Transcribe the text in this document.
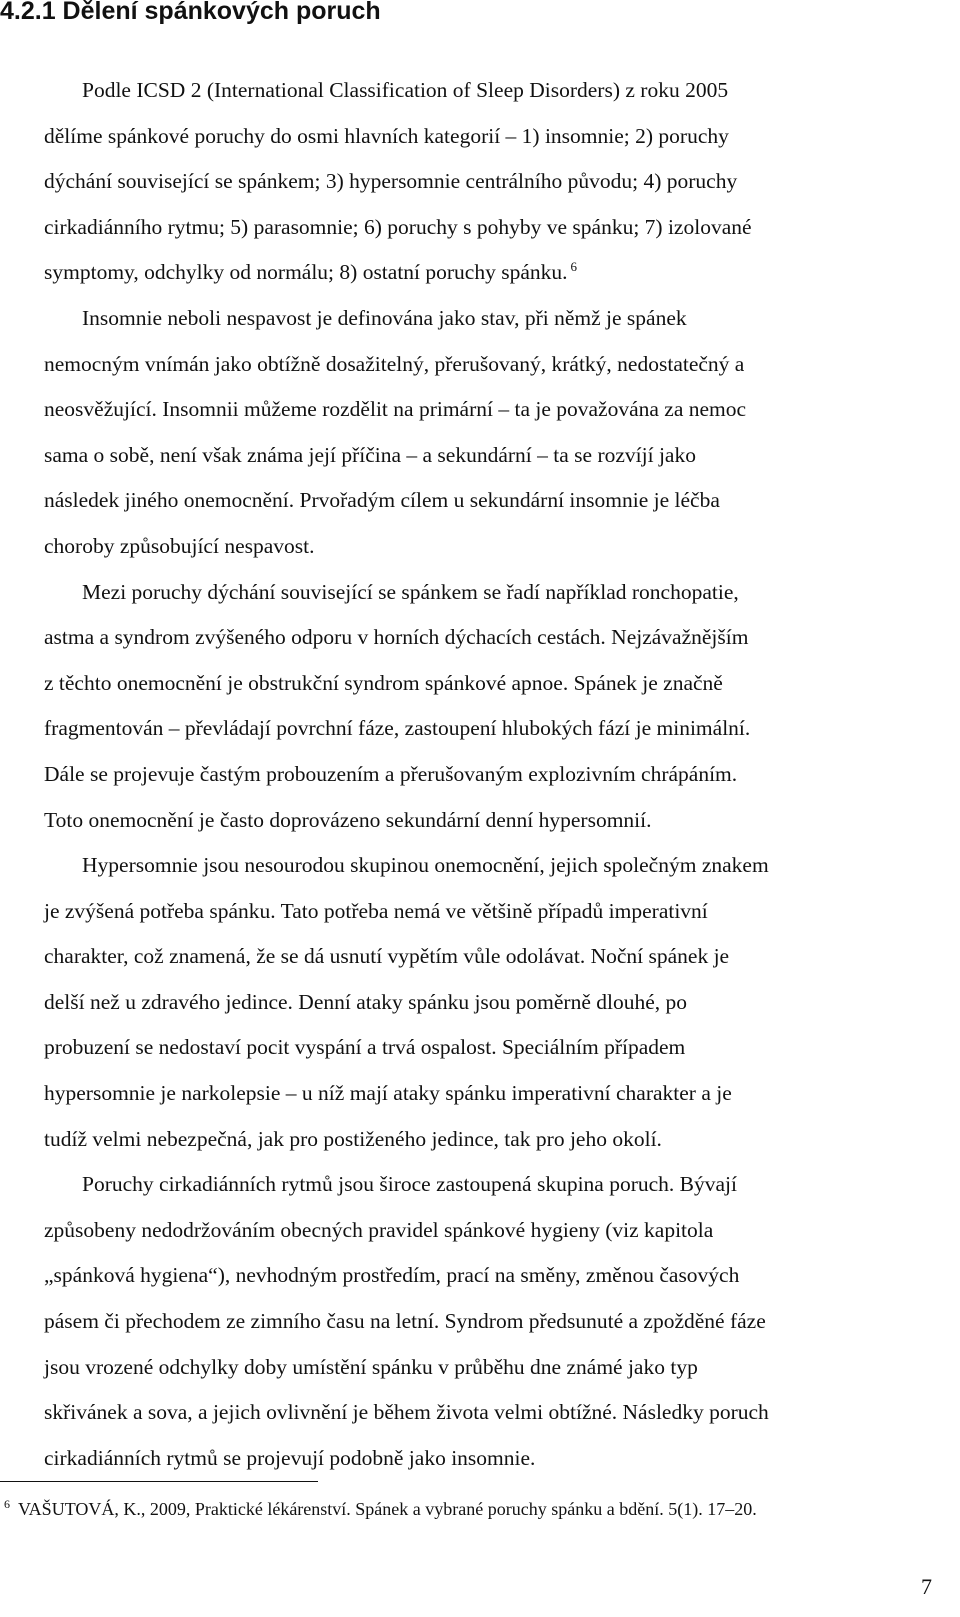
4.2.1 Dělení spánkových poruch
Podle ICSD 2 (International Classification of Sleep Disorders) z roku 2005
dělíme spánkové poruchy do osmi hlavních kategorií – 1) insomnie; 2) poruchy
dýchání související se spánkem; 3) hypersomnie centrálního původu; 4) poruchy
cirkadiánního rytmu; 5) parasomnie; 6) poruchy s pohyby ve spánku; 7) izolované
symptomy, odchylky od normálu; 8) ostatní poruchy spánku. $^6$
Insomnie neboli nespavost je definována jako stav, při němž je spánek
nemocným vnímán jako obtížně dosažitelný, přerušovaný, krátký, nedostatečný a
neosvěžující. Insomnii můžeme rozdělit na primární – ta je považována za nemoc
sama o sobě, není však známa její příčina – a sekundární – ta se rozvíjí jako
následek jiného onemocnění. Prvořadým cílem u sekundární insomnie je léčba
choroby způsobující nespavost.
Mezi poruchy dýchání související se spánkem se řadí například ronchopatie,
astma a syndrom zvýšeného odporu v horních dýchacích cestách. Nejzávažnějším
z těchto onemocnění je obstrukční syndrom spánkové apnoe. Spánek je značně
fragmentován – převládají povrchní fáze, zastoupení hlubokých fází je minimální.
Dále se projevuje častým probouzením a přerušovaným explozivním chrápáním.
Toto onemocnění je často doprovázeno sekundární denní hypersomnií.
Hypersomnie jsou nesourodou skupinou onemocnění, jejich společným znakem
je zvýšená potřeba spánku. Tato potřeba nemá ve většině případů imperativní
charakter, což znamená, že se dá usnutí vypětím vůle odolávat. Noční spánek je
delší než u zdravého jedince. Denní ataky spánku jsou poměrně dlouhé, po
probuzení se nedostaví pocit vyspání a trvá ospalost. Speciálním případem
hypersomnie je narkolepsie – u níž mají ataky spánku imperativní charakter a je
tudíž velmi nebezpečná, jak pro postiženého jedince, tak pro jeho okolí.
Poruchy cirkadiánních rytmů jsou široce zastoupená skupina poruch. Bývají
způsobeny nedodržováním obecných pravidel spánkové hygieny (viz kapitola
„spánková hygiena“), nevhodným prostředím, prací na směny, změnou časových
pásem či přechodem ze zimního času na letní. Syndrom předsunuté a zpožděné fáze
jsou vrozené odchylky doby umístění spánku v průběhu dne známé jako typ
skřivánek a sova, a jejich ovlivnění je během života velmi obtížné. Následky poruch
cirkadiánních rytmů se projevují podobně jako insomnie.
$^6$ VAŠUTOVÁ, K., 2009, Praktické lékárenství. Spánek a vybrané poruchy spánku a bdění. 5(1). 17–20.
7
